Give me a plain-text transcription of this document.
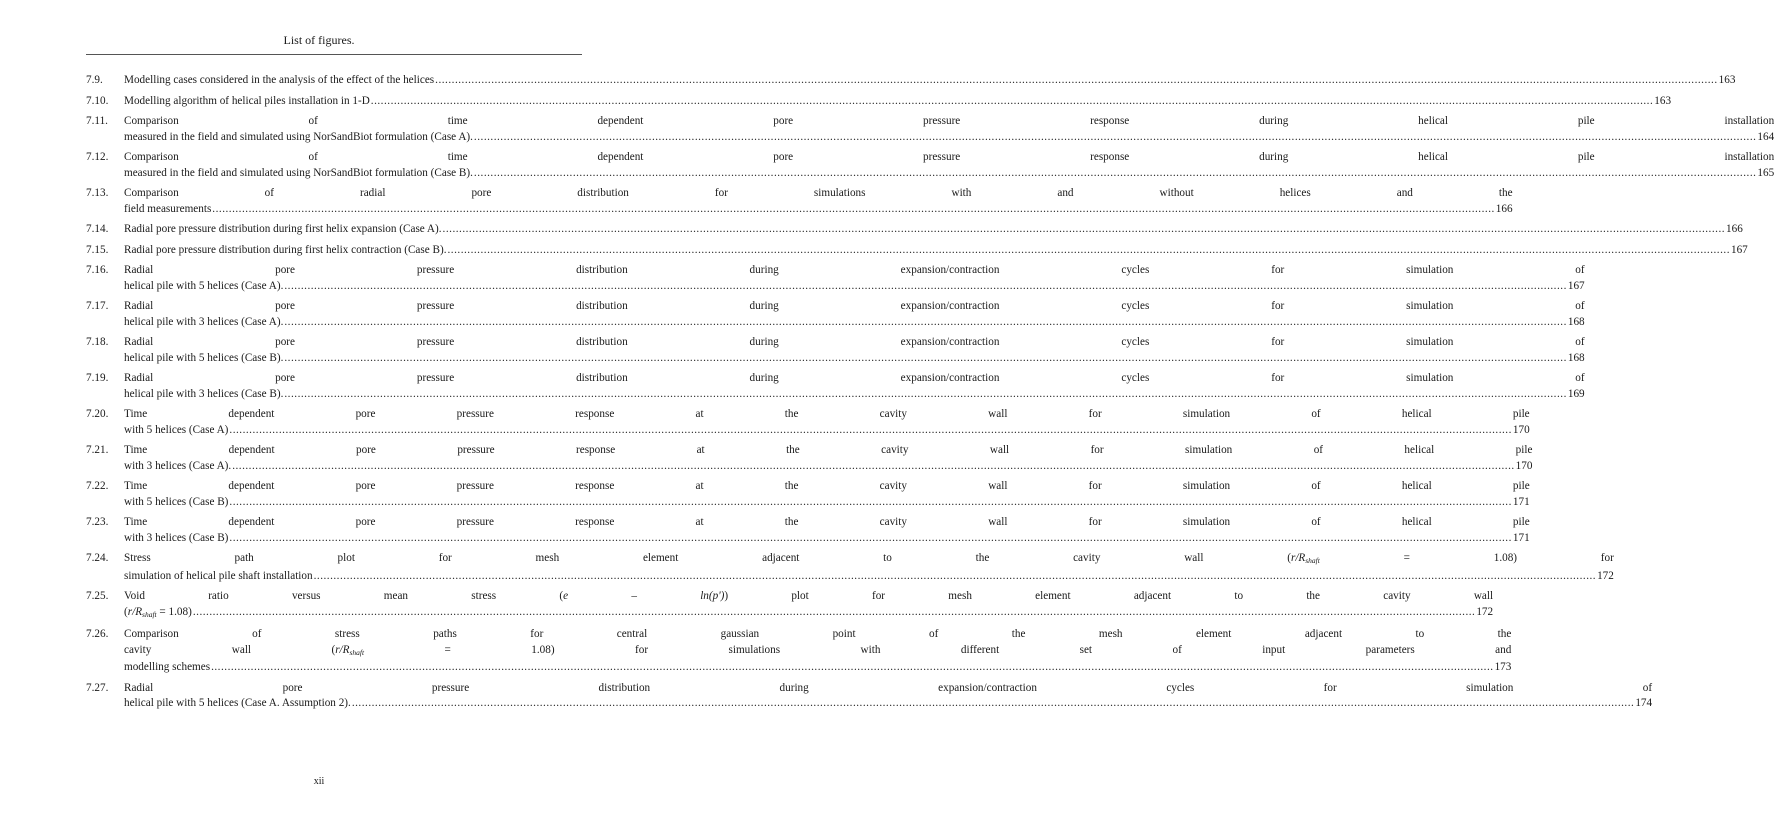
List of figures.
7.9.	Modelling cases considered in the analysis of the effect of the helices .....	163
7.10.	Modelling algorithm of helical piles installation in 1-D .....	163
7.11.	Comparison of time dependent pore pressure response during helical pile installation
measured in the field and simulated using NorSandBiot formulation (Case A). .....	164
7.12.	Comparison of time dependent pore pressure response during helical pile installation
measured in the field and simulated using NorSandBiot formulation (Case B). .....	165
7.13.	Comparison of radial pore distribution for simulations with and without helices and the
field measurements .....	166
7.14.	Radial pore pressure distribution during first helix expansion (Case A). .....	166
7.15.	Radial pore pressure distribution during first helix contraction (Case B). .....	167
7.16.	Radial pore pressure distribution during expansion/contraction cycles for simulation of
helical pile with 5 helices (Case A). .....	167
7.17.	Radial pore pressure distribution during expansion/contraction cycles for simulation of
helical pile with 3 helices (Case A). .....	168
7.18.	Radial pore pressure distribution during expansion/contraction cycles for simulation of
helical pile with 5 helices (Case B). .....	168
7.19.	Radial pore pressure distribution during expansion/contraction cycles for simulation of
helical pile with 3 helices (Case B). .....	169
7.20.	Time dependent pore pressure response at the cavity wall for simulation of helical pile
with 5 helices (Case A) .....	170
7.21.	Time dependent pore pressure response at the cavity wall for simulation of helical pile
with 3 helices (Case A). .....	170
7.22.	Time dependent pore pressure response at the cavity wall for simulation of helical pile
with 5 helices (Case B) .....	171
7.23.	Time dependent pore pressure response at the cavity wall for simulation of helical pile
with 3 helices (Case B) .....	171
7.24.	Stress path plot for mesh element adjacent to the cavity wall $(r/R_{shaft} = 1.08)$ for
simulation of helical pile shaft installation .....	172
7.25.	Void ratio versus mean stress (e – ln(p')) plot for mesh element adjacent to the cavity wall
$(r/R_{shaft} = 1.08)$ .....	172
7.26.	Comparison of stress paths for central gaussian point of the mesh element adjacent to the
cavity wall $(r/R_{shaft} = 1.08)$ for simulations with different set of input parameters and
modelling schemes .....	173
7.27.	Radial pore pressure distribution during expansion/contraction cycles for simulation of
helical pile with 5 helices (Case A. Assumption 2). .....	174
xii
